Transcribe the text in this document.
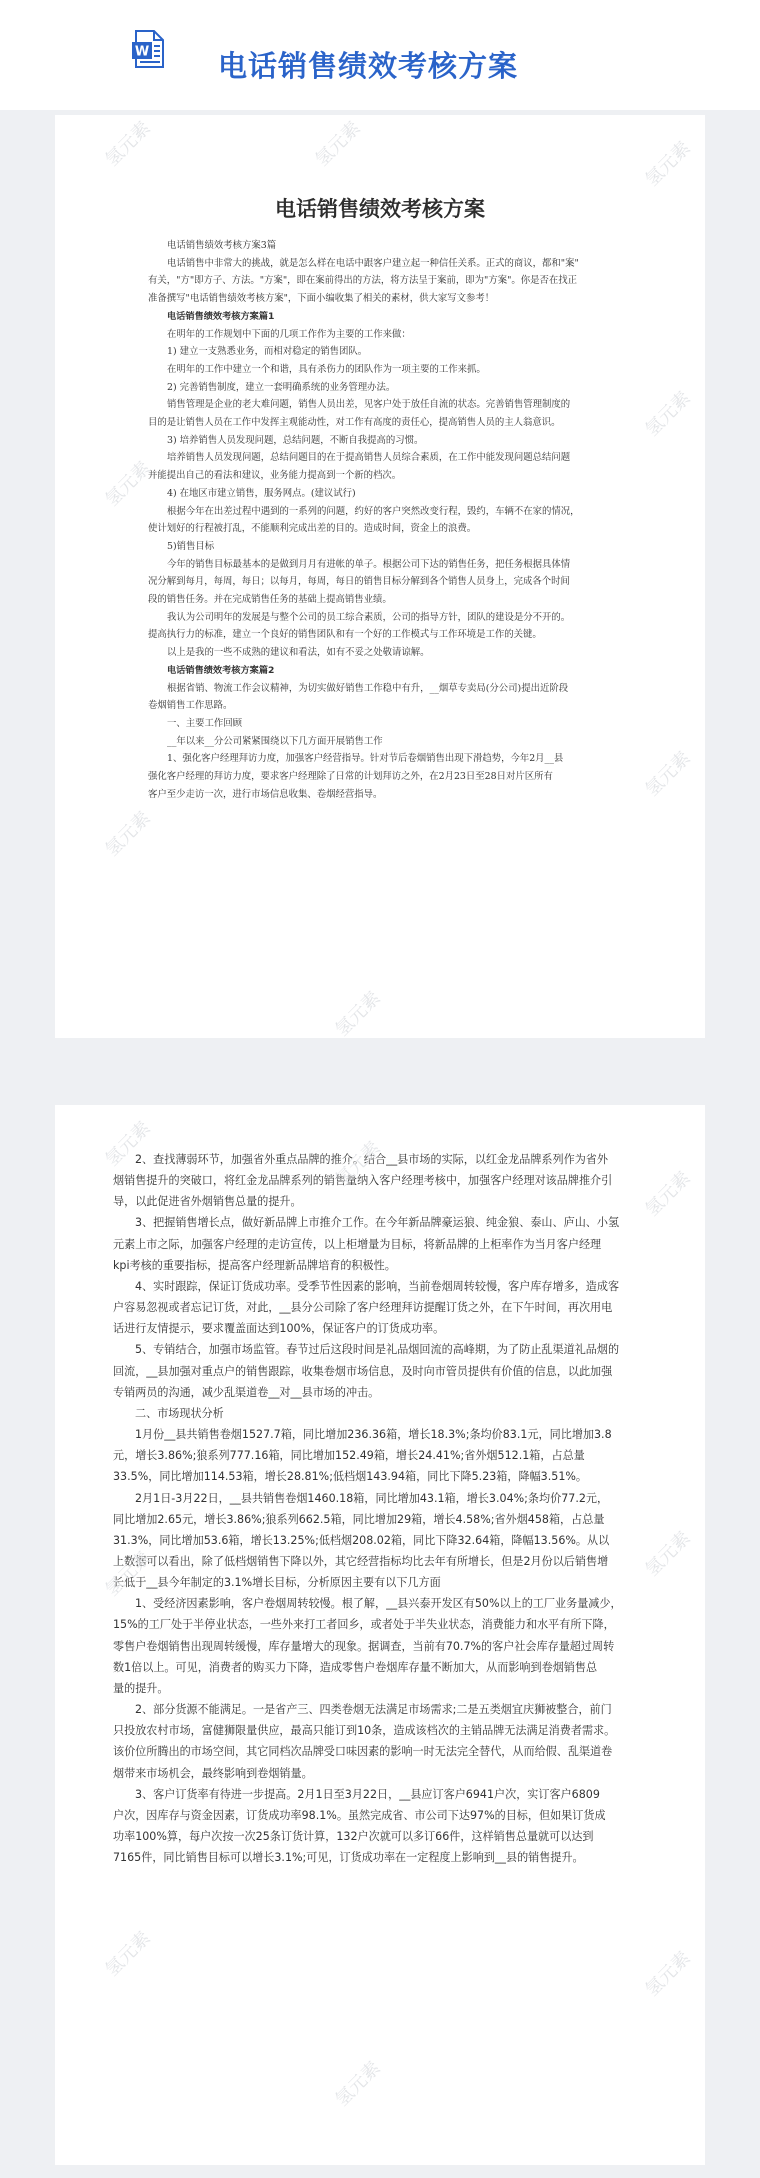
W 电话销售绩效考核方案
电话销售绩效考核方案

电话销售绩效考核方案3篇

电话销售中非常大的挑战，就是怎么样在电话中跟客户建立起一种信任关系。正式的商议，都和"案"

有关，"方"即方子、方法。"方案"，即在案前得出的方法，将方法呈于案前，即为"方案"。你是否在找正

准备撰写"电话销售绩效考核方案"，下面小编收集了相关的素材，供大家写文参考！

电话销售绩效考核方案篇1

在明年的工作规划中下面的几项工作作为主要的工作来做：

1) 建立一支熟悉业务，而相对稳定的销售团队。

在明年的工作中建立一个和谐，具有杀伤力的团队作为一项主要的工作来抓。

2) 完善销售制度，建立一套明确系统的业务管理办法。

销售管理是企业的老大难问题，销售人员出差，见客户处于放任自流的状态。完善销售管理制度的

目的是让销售人员在工作中发挥主观能动性，对工作有高度的责任心，提高销售人员的主人翁意识。

3) 培养销售人员发现问题，总结问题，不断自我提高的习惯。

培养销售人员发现问题，总结问题目的在于提高销售人员综合素质，在工作中能发现问题总结问题

并能提出自己的看法和建议，业务能力提高到一个新的档次。

4) 在地区市建立销售，服务网点。(建议试行)

根据今年在出差过程中遇到的一系列的问题，约好的客户突然改变行程，毁约，车辆不在家的情况，

使计划好的行程被打乱，不能顺利完成出差的目的。造成时间，资金上的浪费。

5)销售目标

今年的销售目标最基本的是做到月月有进帐的单子。根据公司下达的销售任务，把任务根据具体情

况分解到每月，每周，每日；以每月，每周，每日的销售目标分解到各个销售人员身上，完成各个时间

段的销售任务。并在完成销售任务的基础上提高销售业绩。

我认为公司明年的发展是与整个公司的员工综合素质，公司的指导方针，团队的建设是分不开的。

提高执行力的标准，建立一个良好的销售团队和有一个好的工作模式与工作环境是工作的关键。

以上是我的一些不成熟的建议和看法，如有不妥之处敬请谅解。

电话销售绩效考核方案篇2

根据省销、物流工作会议精神，为切实做好销售工作稳中有升，__烟草专卖局(分公司)提出近阶段

卷烟销售工作思路。

一、主要工作回顾

__年以来__分公司紧紧围绕以下几方面开展销售工作

1、强化客户经理拜访力度，加强客户经营指导。针对节后卷烟销售出现下滑趋势，今年2月__县

强化客户经理的拜访力度，要求客户经理除了日常的计划拜访之外，在2月23日至28日对片区所有

客户至少走访一次，进行市场信息收集、卷烟经营指导。

2、查找薄弱环节，加强省外重点品牌的推介。结合__县市场的实际，以红金龙品牌系列作为省外

烟销售提升的突破口，将红金龙品牌系列的销售量纳入客户经理考核中，加强客户经理对该品牌推介引

导，以此促进省外烟销售总量的提升。

3、把握销售增长点，做好新品牌上市推介工作。在今年新品牌豪运狼、纯金狼、泰山、庐山、小氢

元素上市之际，加强客户经理的走访宣传，以上柜增量为目标，将新品牌的上柜率作为当月客户经理

kpi考核的重要指标，提高客户经理新品牌培育的积极性。

4、实时跟踪，保证订货成功率。受季节性因素的影响，当前卷烟周转较慢，客户库存增多，造成客

户容易忽视或者忘记订货，对此，__县分公司除了客户经理拜访提醒订货之外，在下午时间，再次用电

话进行友情提示，要求覆盖面达到100%，保证客户的订货成功率。

5、专销结合，加强市场监管。春节过后这段时间是礼品烟回流的高峰期，为了防止乱渠道礼品烟的

回流，__县加强对重点户的销售跟踪，收集卷烟市场信息，及时向市管员提供有价值的信息，以此加强

专销两员的沟通，减少乱渠道卷__对__县市场的冲击。

二、市场现状分析

1月份__县共销售卷烟1527.7箱，同比增加236.36箱，增长18.3%;条均价83.1元，同比增加3.8

元，增长3.86%;狼系列777.16箱，同比增加152.49箱，增长24.41%;省外烟512.1箱，占总量

33.5%，同比增加114.53箱，增长28.81%;低档烟143.94箱，同比下降5.23箱，降幅3.51%。

2月1日-3月22日，__县共销售卷烟1460.18箱，同比增加43.1箱，增长3.04%;条均价77.2元，

同比增加2.65元，增长3.86%;狼系列662.5箱，同比增加29箱，增长4.58%;省外烟458箱，占总量

31.3%，同比增加53.6箱，增长13.25%;低档烟208.02箱，同比下降32.64箱，降幅13.56%。从以

上数据可以看出，除了低档烟销售下降以外，其它经营指标均比去年有所增长，但是2月份以后销售增

长低于__县今年制定的3.1%增长目标，分析原因主要有以下几方面

1、受经济因素影响，客户卷烟周转较慢。根了解，__县兴泰开发区有50%以上的工厂业务量减少，

15%的工厂处于半停业状态，一些外来打工者回乡，或者处于半失业状态，消费能力和水平有所下降，

零售户卷烟销售出现周转缓慢，库存量增大的现象。据调查，当前有70.7%的客户社会库存量超过周转

数1倍以上。可见，消费者的购买力下降，造成零售户卷烟库存量不断加大，从而影响到卷烟销售总

量的提升。

2、部分货源不能满足。一是省产三、四类卷烟无法满足市场需求;二是五类烟宜庆狮被整合，前门

只投放农村市场，富健狮限量供应，最高只能订到10条，造成该档次的主销品牌无法满足消费者需求。

该价位所腾出的市场空间，其它同档次品牌受口味因素的影响一时无法完全替代，从而给假、乱渠道卷

烟带来市场机会，最终影响到卷烟销量。

3、客户订货率有待进一步提高。2月1日至3月22日，__县应订客户6941户次，实订客户6809

户次，因库存与资金因素，订货成功率98.1%。虽然完成省、市公司下达97%的目标，但如果订货成

功率100%算，每户次按一次25条订货计算，132户次就可以多订66件，这样销售总量就可以达到

7165件，同比销售目标可以增长3.1%;可见，订货成功率在一定程度上影响到__县的销售提升。

氢元素	氢元素	氢元素
氢元素
氢元素
氢元素
氢元素
氢元素
氢元素	氢元素
氢元素
氢元素	氢元素
氢元素
氢元素
氢元素
